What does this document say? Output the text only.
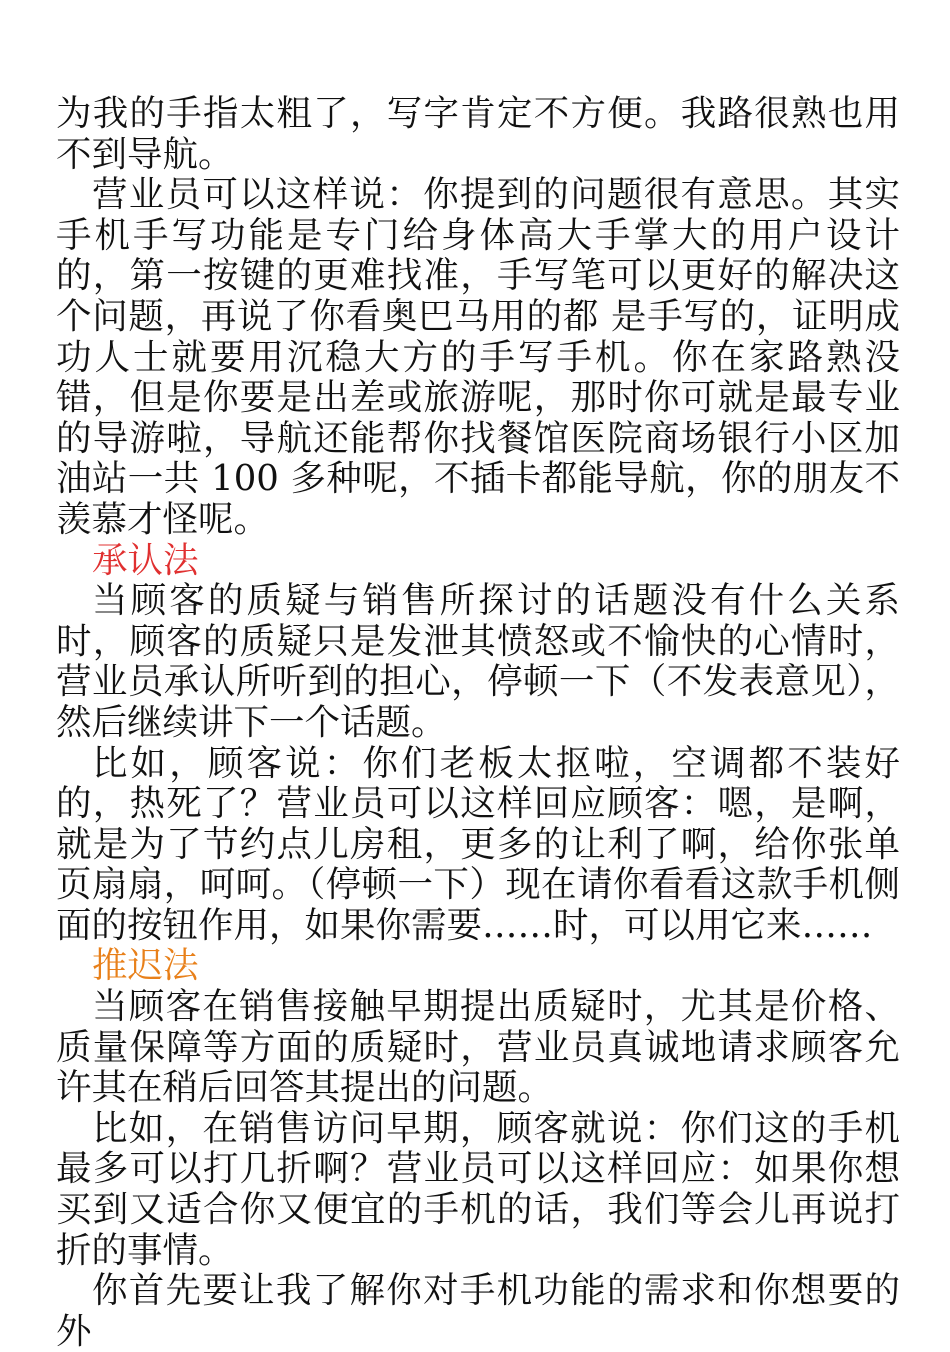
为我的手指太粗了，写字肯定不方便。我路很熟也用不到导航。

营业员可以这样说：你提到的问题很有意思。其实手机手写功能是专门给身体高大手掌大的用户设计的，第一按键的更难找准，手写笔可以更好的解决这个问题，再说了你看奥巴马用的都 是手写的，证明成功人士就要用沉稳大方的手写手机。你在家路熟没错，但是你要是出差或旅游呢，那时你可就是最专业的导游啦，导航还能帮你找餐馆医院商场银行小区加油站一共 100 多种呢，不插卡都能导航，你的朋友不羡慕才怪呢。

承认法

当顾客的质疑与销售所探讨的话题没有什么关系时，顾客的质疑只是发泄其愤怒或不愉快的心情时，营业员承认所听到的担心，停顿一下（不发表意见），然后继续讲下一个话题。

比如，顾客说：你们老板太抠啦，空调都不装好的，热死了？营业员可以这样回应顾客：嗯，是啊，就是为了节约点儿房租，更多的让利了啊，给你张单页扇扇，呵呵。（停顿一下）现在请你看看这款手机侧面的按钮作用，如果你需要……时，可以用它来……

推迟法

当顾客在销售接触早期提出质疑时，尤其是价格、质量保障等方面的质疑时，营业员真诚地请求顾客允许其在稍后回答其提出的问题。

比如，在销售访问早期，顾客就说：你们这的手机最多可以打几折啊？营业员可以这样回应：如果你想买到又适合你又便宜的手机的话，我们等会儿再说打折的事情。

你首先要让我了解你对手机功能的需求和你想要的外
